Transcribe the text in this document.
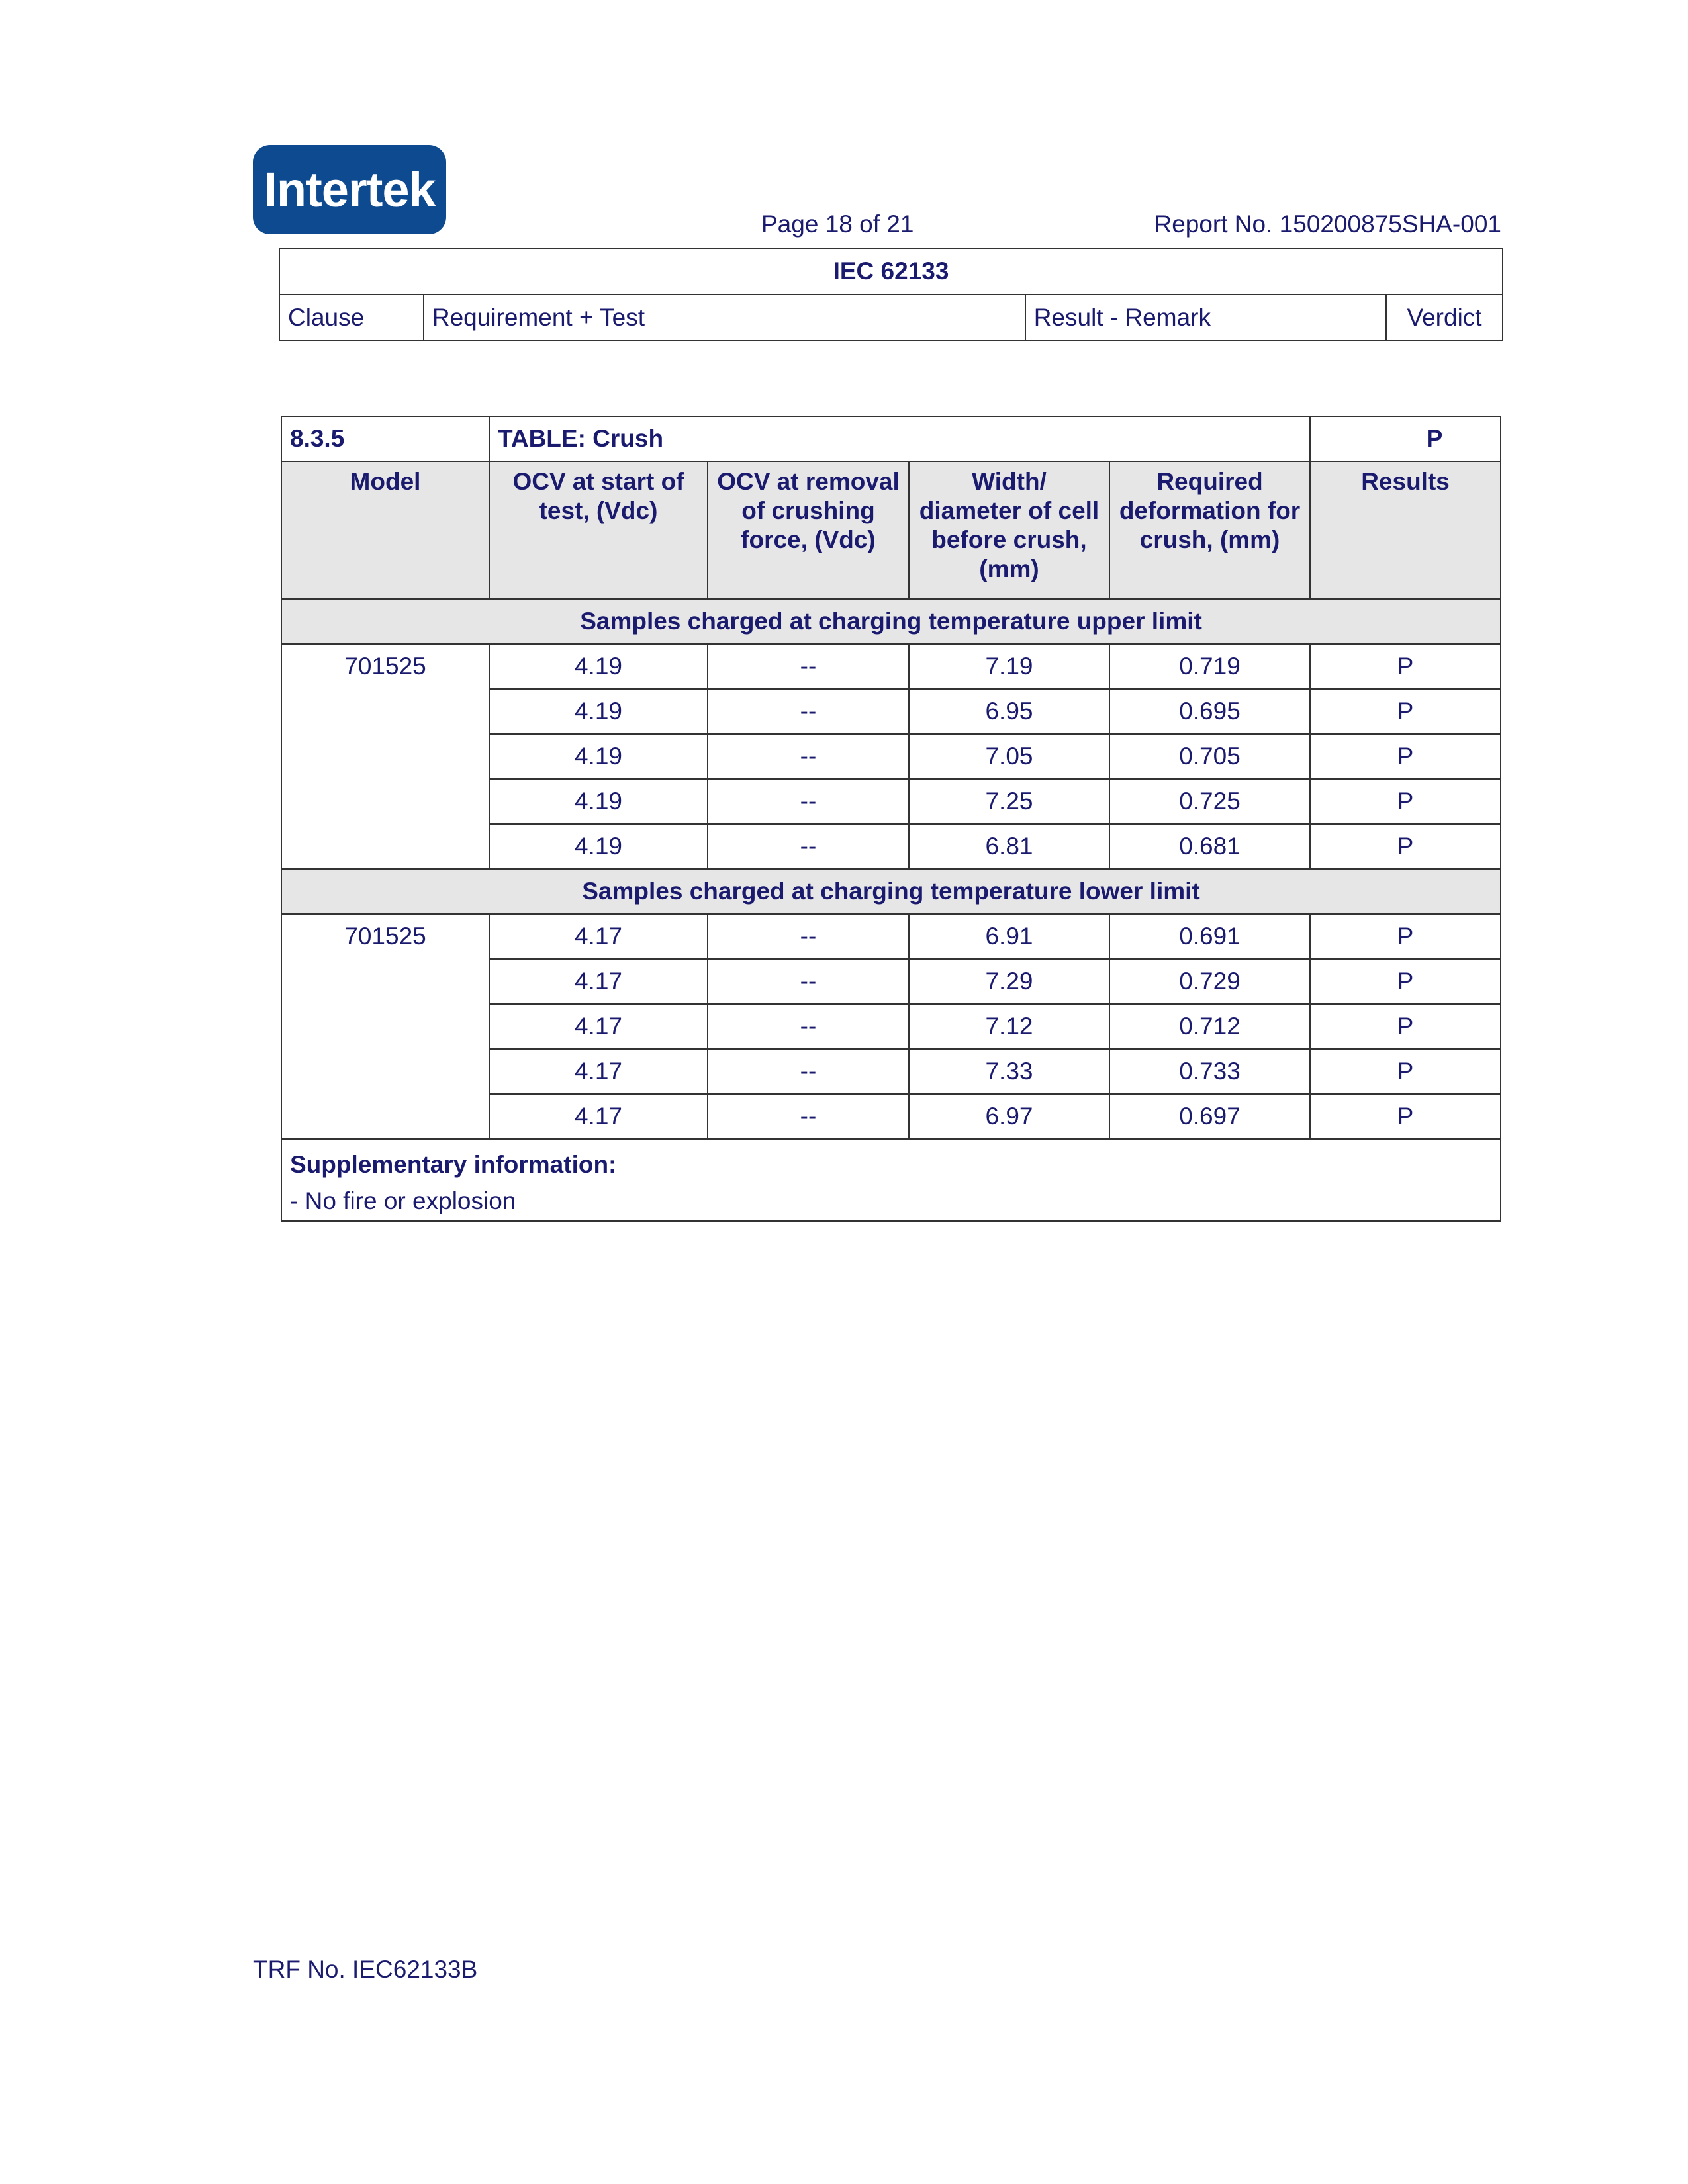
Intertek
Page 18 of 21	Report No. 150200875SHA-001
IEC 62133
Clause	Requirement + Test	Result - Remark	Verdict
8.3.5	TABLE: Crush				P
Model	OCV at start of test, (Vdc)	OCV at removal of crushing force, (Vdc)	Width/ diameter of cell before crush, (mm)	Required deformation for crush, (mm)	Results
Samples charged at charging temperature upper limit					
701525	4.19	--	7.19	0.719	P
	4.19	--	6.95	0.695	P
	4.19	--	7.05	0.705	P
	4.19	--	7.25	0.725	P
	4.19	--	6.81	0.681	P
Samples charged at charging temperature lower limit					
701525	4.17	--	6.91	0.691	P
	4.17	--	7.29	0.729	P
	4.17	--	7.12	0.712	P
	4.17	--	7.33	0.733	P
	4.17	--	6.97	0.697	P

Supplementary information:
- No fire or explosion					
TRF No. IEC62133B
